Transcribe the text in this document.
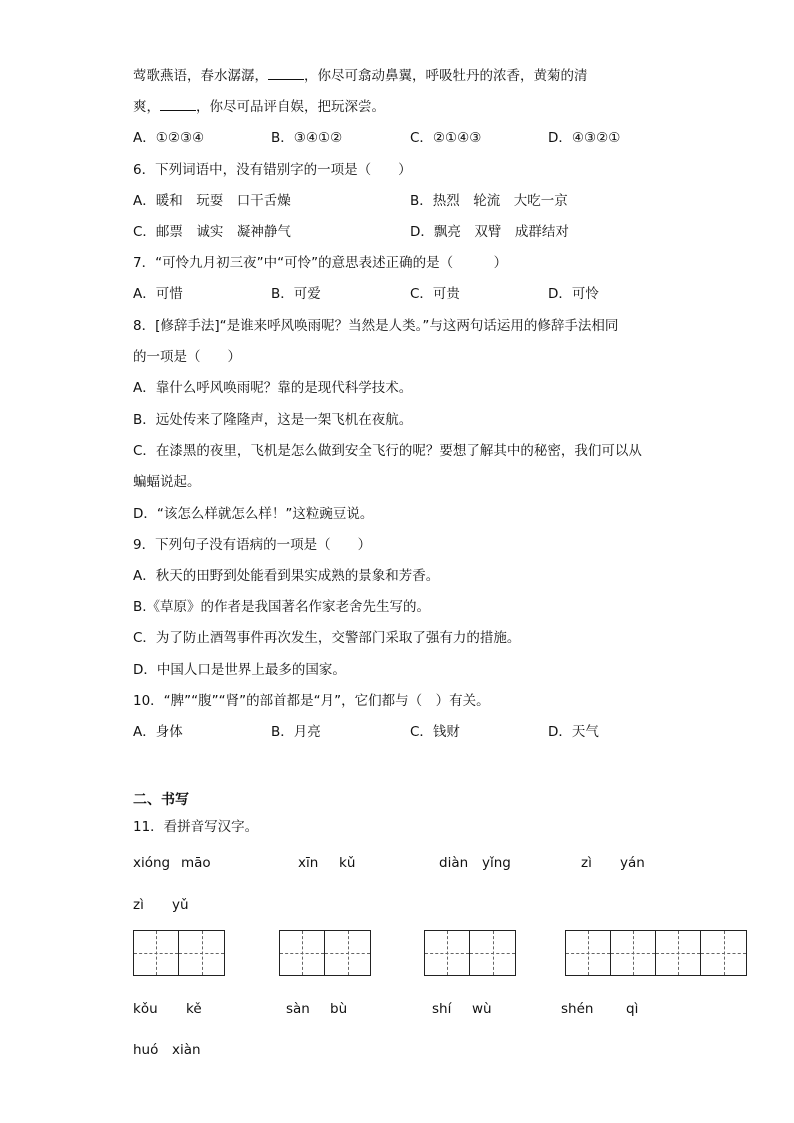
莺歌燕语，春水潺潺，	，你尽可翕动鼻翼，呼吸牡丹的浓香，黄菊的清
爽，	，你尽可品评自娱，把玩深尝。
A．①②③④	B．③④①②	C．②①④③	D．④③②①
6．下列词语中，没有错别字的一项是（　　）
A．暖和　玩耍　口干舌燥	B．热烈　轮流　大吃一京
C．邮票　诚实　凝神静气	D．飘亮　双臂　成群结对
7．“可怜九月初三夜”中“可怜”的意思表述正确的是（　　　）
A．可惜	B．可爱	C．可贵	D．可怜
8．[修辞手法]“是谁来呼风唤雨呢？当然是人类。”与这两句话运用的修辞手法相同
的一项是（　　）
A．靠什么呼风唤雨呢？靠的是现代科学技术。
B．远处传来了隆隆声，这是一架飞机在夜航。
C．在漆黑的夜里，飞机是怎么做到安全飞行的呢？要想了解其中的秘密，我们可以从
蝙蝠说起。
D．“该怎么样就怎么样！”这粒豌豆说。
9．下列句子没有语病的一项是（　　）
A．秋天的田野到处能看到果实成熟的景象和芳香。
B.《草原》的作者是我国著名作家老舍先生写的。
C．为了防止酒驾事件再次发生，交警部门采取了强有力的措施。
D．中国人口是世界上最多的国家。
10．“脾”“腹”“肾”的部首都是“月”，它们都与（　）有关。
A．身体	B．月亮	C．钱财	D．天气
二、书写
11．看拼音写汉字。
xióng māo	xīn kǔ	diàn yǐng	zì yán
zì yǔ
kǒu kě	sàn bù	shí wù	shén qì
huó xiàn
